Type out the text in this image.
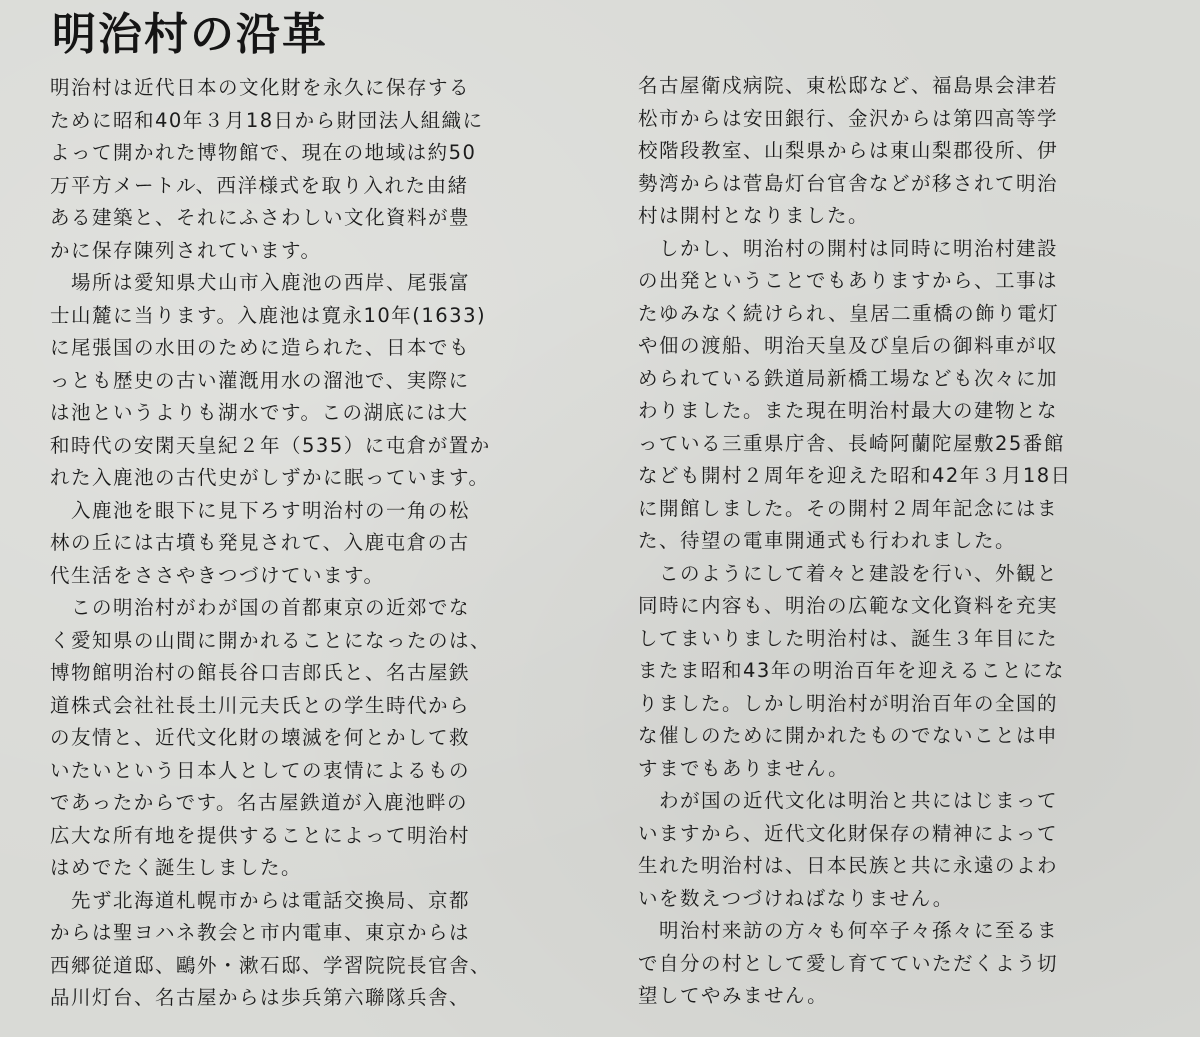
明治村の沿革
明治村は近代日本の文化財を永久に保存する
ために昭和40年３月18日から財団法人組織に
よって開かれた博物館で、現在の地域は約50
万平方メートル、西洋様式を取り入れた由緒
ある建築と、それにふさわしい文化資料が豊
かに保存陳列されています。
　場所は愛知県犬山市入鹿池の西岸、尾張富
士山麓に当ります。入鹿池は寛永10年(1633)
に尾張国の水田のために造られた、日本でも
っとも歴史の古い灌漑用水の溜池で、実際に
は池というよりも湖水です。この湖底には大
和時代の安閑天皇紀２年（535）に屯倉が置か
れた入鹿池の古代史がしずかに眠っています。
　入鹿池を眼下に見下ろす明治村の一角の松
林の丘には古墳も発見されて、入鹿屯倉の古
代生活をささやきつづけています。
　この明治村がわが国の首都東京の近郊でな
く愛知県の山間に開かれることになったのは、
博物館明治村の館長谷口吉郎氏と、名古屋鉄
道株式会社社長土川元夫氏との学生時代から
の友情と、近代文化財の壊滅を何とかして救
いたいという日本人としての衷情によるもの
であったからです。名古屋鉄道が入鹿池畔の
広大な所有地を提供することによって明治村
はめでたく誕生しました。
　先ず北海道札幌市からは電話交換局、京都
からは聖ヨハネ教会と市内電車、東京からは
西郷従道邸、鷗外・漱石邸、学習院院長官舎、
品川灯台、名古屋からは歩兵第六聯隊兵舎、
名古屋衛戍病院、東松邸など、福島県会津若
松市からは安田銀行、金沢からは第四高等学
校階段教室、山梨県からは東山梨郡役所、伊
勢湾からは菅島灯台官舎などが移されて明治
村は開村となりました。
　しかし、明治村の開村は同時に明治村建設
の出発ということでもありますから、工事は
たゆみなく続けられ、皇居二重橋の飾り電灯
や佃の渡船、明治天皇及び皇后の御料車が収
められている鉄道局新橋工場なども次々に加
わりました。また現在明治村最大の建物とな
っている三重県庁舎、長崎阿蘭陀屋敷25番館
なども開村２周年を迎えた昭和42年３月18日
に開館しました。その開村２周年記念にはま
た、待望の電車開通式も行われました。
　このようにして着々と建設を行い、外観と
同時に内容も、明治の広範な文化資料を充実
してまいりました明治村は、誕生３年目にた
またま昭和43年の明治百年を迎えることにな
りました。しかし明治村が明治百年の全国的
な催しのために開かれたものでないことは申
すまでもありません。
　わが国の近代文化は明治と共にはじまって
いますから、近代文化財保存の精神によって
生れた明治村は、日本民族と共に永遠のよわ
いを数えつづけねばなりません。
　明治村来訪の方々も何卒子々孫々に至るま
で自分の村として愛し育てていただくよう切
望してやみません。
